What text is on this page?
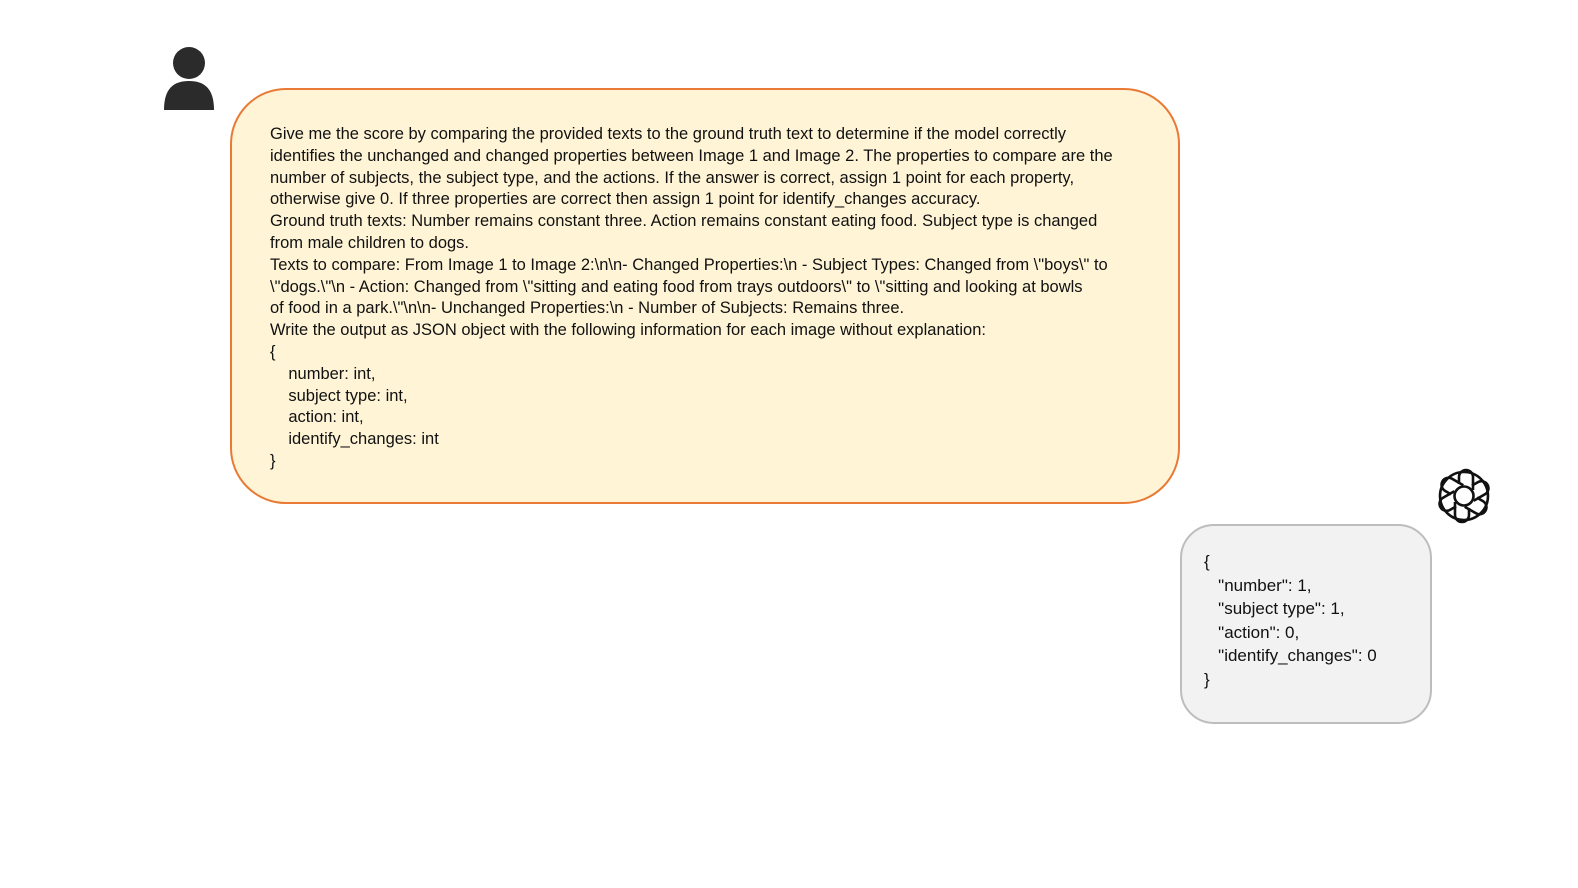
Give me the score by comparing the provided texts to the ground truth text to determine if the model correctly
identifies the unchanged and changed properties between Image 1 and Image 2. The properties to compare are the
number of subjects, the subject type, and the actions. If the answer is correct, assign 1 point for each property,
otherwise give 0. If three properties are correct then assign 1 point for identify_changes accuracy.
Ground truth texts: Number remains constant three. Action remains constant eating food. Subject type is changed
from male children to dogs.
Texts to compare: From Image 1 to Image 2:\n\n- Changed Properties:\n - Subject Types: Changed from \"boys\" to
\"dogs.\"\n - Action: Changed from \"sitting and eating food from trays outdoors\" to \"sitting and looking at bowls
of food in a park.\"\n\n- Unchanged Properties:\n - Number of Subjects: Remains three.
Write the output as JSON object with the following information for each image without explanation:
{
number: int,
subject type: int,
action: int,
identify_changes: int
}
{
"number": 1,
"subject type": 1,
"action": 0,
"identify_changes": 0
}
